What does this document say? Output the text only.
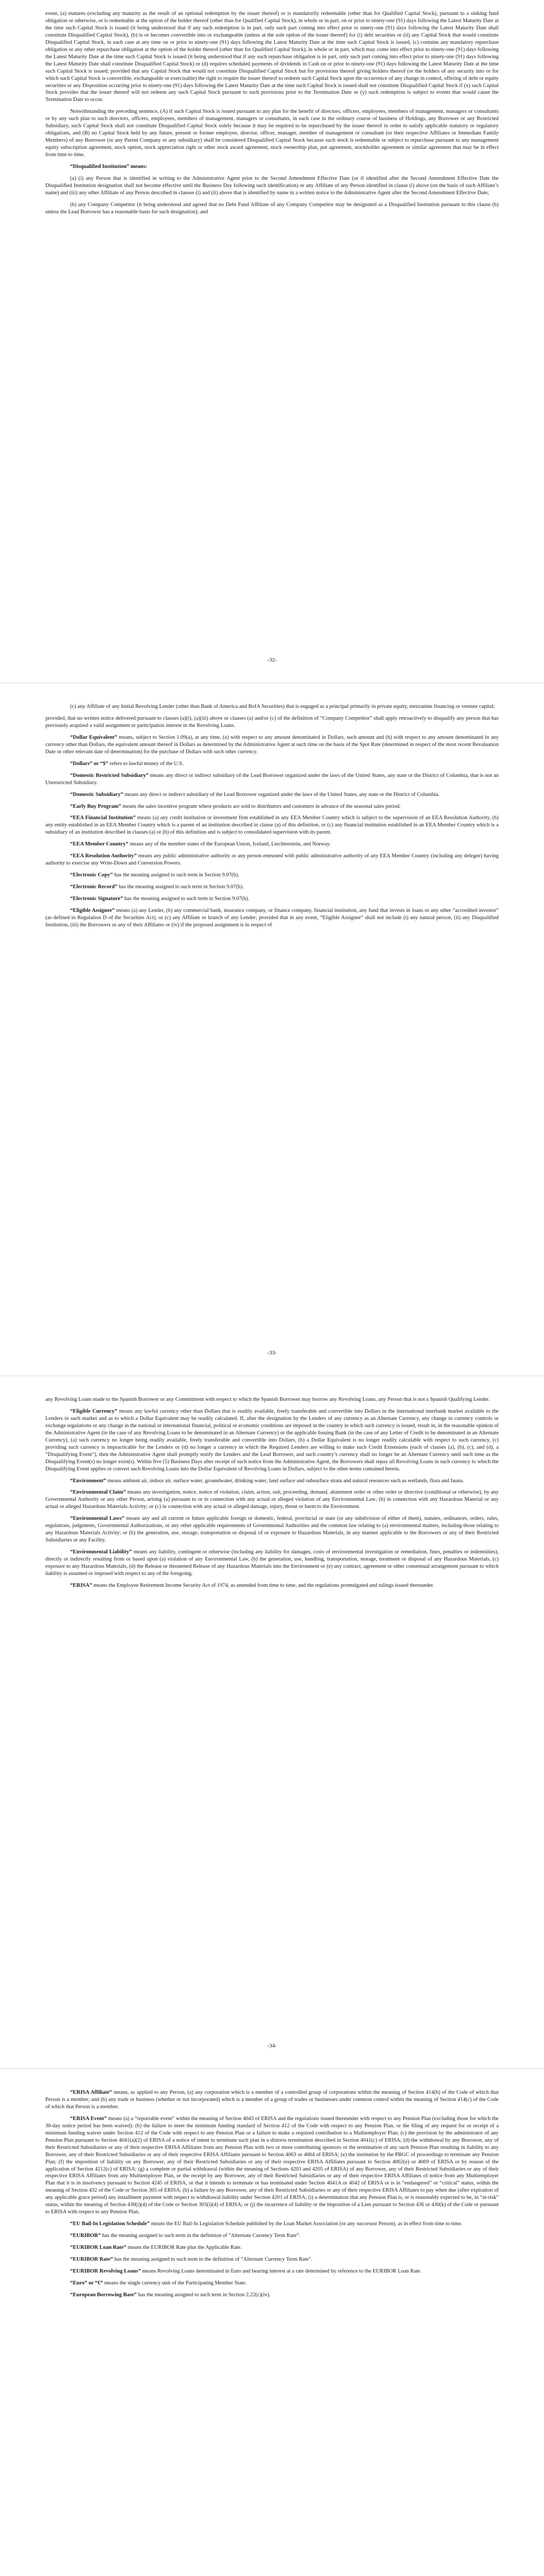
event, (a) matures (excluding any maturity as the result of an optional redemption by the issuer thereof) or is mandatorily redeemable (other than for Qualified Capital Stock), pursuant to a sinking fund obligation or otherwise, or is redeemable at the option of the holder thereof (other than for Qualified Capital Stock), in whole or in part, on or prior to ninety-one (91) days following the Latest Maturity Date at the time such Capital Stock is issued (it being understood that if any such redemption is in part, only such part coming into effect prior to ninety-one (91) days following the Latest Maturity Date shall constitute Disqualified Capital Stock), (b) is or becomes convertible into or exchangeable (unless at the sole option of the issuer thereof) for (i) debt securities or (ii) any Capital Stock that would constitute Disqualified Capital Stock, in each case at any time on or prior to ninety-one (91) days following the Latest Maturity Date at the time such Capital Stock is issued, (c) contains any mandatory repurchase obligation or any other repurchase obligation at the option of the holder thereof (other than for Qualified Capital Stock), in whole or in part, which may come into effect prior to ninety-one (91) days following the Latest Maturity Date at the time such Capital Stock is issued (it being understood that if any such repurchase obligation is in part, only such part coming into effect prior to ninety-one (91) days following the Latest Maturity Date shall constitute Disqualified Capital Stock) or (d) requires scheduled payments of dividends in Cash on or prior to ninety-one (91) days following the Latest Maturity Date at the time such Capital Stock is issued; provided that any Capital Stock that would not constitute Disqualified Capital Stock but for provisions thereof giving holders thereof (or the holders of any security into or for which such Capital Stock is convertible, exchangeable or exercisable) the right to require the issuer thereof to redeem such Capital Stock upon the occurrence of any change in control, offering of debt or equity securities or any Disposition occurring prior to ninety-one (91) days following the Latest Maturity Date at the time such Capital Stock is issued shall not constitute Disqualified Capital Stock if (x) such Capital Stock provides that the issuer thereof will not redeem any such Capital Stock pursuant to such provisions prior to the Termination Date or (y) such redemption is subject to events that would cause the Termination Date to occur.

Notwithstanding the preceding sentence, (A) if such Capital Stock is issued pursuant to any plan for the benefit of directors, officers, employees, members of management, managers or consultants or by any such plan to such directors, officers, employees, members of management, managers or consultants, in each case in the ordinary course of business of Holdings, any Borrower or any Restricted Subsidiary, such Capital Stock shall not constitute Disqualified Capital Stock solely because it may be required to be repurchased by the issuer thereof in order to satisfy applicable statutory or regulatory obligations, and (B) no Capital Stock held by any future, present or former employee, director, officer, manager, member of management or consultant (or their respective Affiliates or Immediate Family Members) of any Borrower (or any Parent Company or any subsidiary) shall be considered Disqualified Capital Stock because such stock is redeemable or subject to repurchase pursuant to any management equity subscription agreement, stock option, stock appreciation right or other stock award agreement, stock ownership plan, put agreement, stockholder agreement or similar agreement that may be in effect from time to time.

“Disqualified Institution” means:

(a) (i) any Person that is identified in writing to the Administrative Agent prior to the Second Amendment Effective Date (or if identified after the Second Amendment Effective Date the Disqualified Institution designation shall not become effective until the Business Day following such identification) or any Affiliate of any Person identified in clause (i) above (on the basis of such Affiliate’s name) and (iii) any other Affiliate of any Person described in clauses (i) and (ii) above that is identified by name in a written notice to the Administrative Agent after the Second Amendment Effective Date;

(b) any Company Competitor (it being understood and agreed that no Debt Fund Affiliate of any Company Competitor may be designated as a Disqualified Institution pursuant to this clause (b) unless the Lead Borrower has a reasonable basis for such designation); and

-32-

(c) any Affiliate of any Initial Revolving Lender (other than Bank of America and BofA Securities) that is engaged as a principal primarily in private equity, mezzanine financing or venture capital;

provided, that no written notice delivered pursuant to clauses (a)(i), (a)(iii) above or clauses (a) and/or (c) of the definition of “Company Competitor” shall apply retroactively to disqualify any person that has previously acquired a valid assignment or participation interest in the Revolving Loans.

“Dollar Equivalent” means, subject to Section 1.09(a), at any time, (a) with respect to any amount denominated in Dollars, such amount and (b) with respect to any amount denominated in any currency other than Dollars, the equivalent amount thereof in Dollars as determined by the Administrative Agent at such time on the basis of the Spot Rate (determined in respect of the most recent Revaluation Date or other relevant date of determination) for the purchase of Dollars with such other currency.

“Dollars” or “$” refers to lawful money of the U.S.

“Domestic Restricted Subsidiary” means any direct or indirect subsidiary of the Lead Borrower organized under the laws of the United States, any state or the District of Columbia, that is not an Unrestricted Subsidiary.

“Domestic Subsidiary” means any direct or indirect subsidiary of the Lead Borrower organized under the laws of the United States, any state or the District of Columbia.

“Early Buy Program” means the sales incentive program where products are sold to distributors and customers in advance of the seasonal sales period.

“EEA Financial Institution” means (a) any credit institution or investment firm established in any EEA Member Country which is subject to the supervision of an EEA Resolution Authority, (b) any entity established in an EEA Member Country which is a parent of an institution described in clause (a) of this definition, or (c) any financial institution established in an EEA Member Country which is a subsidiary of an institution described in clauses (a) or (b) of this definition and is subject to consolidated supervision with its parent.

“EEA Member Country” means any of the member states of the European Union, Iceland, Liechtenstein, and Norway.

“EEA Resolution Authority” means any public administrative authority or any person entrusted with public administrative authority of any EEA Member Country (including any delegee) having authority to exercise any Write-Down and Conversion Powers.

“Electronic Copy” has the meaning assigned to such term in Section 9.07(b).

“Electronic Record” has the meaning assigned to such term in Section 9.07(b).

“Electronic Signature” has the meaning assigned to such term in Section 9.07(b).

“Eligible Assignee” means (a) any Lender, (b) any commercial bank, insurance company, or finance company, financial institution, any fund that invests in loans or any other “accredited investor” (as defined in Regulation D of the Securities Act), or (c) any Affiliate or branch of any Lender; provided that in any event, “Eligible Assignee” shall not include (i) any natural person, (ii) any Disqualified Institution, (iii) the Borrowers or any of their Affiliates or (iv) if the proposed assignment is in respect of

-33-

any Revolving Loans made to the Spanish Borrower or any Commitment with respect to which the Spanish Borrower may borrow any Revolving Loans, any Person that is not a Spanish Qualifying Lender.

“Eligible Currency” means any lawful currency other than Dollars that is readily available, freely transferable and convertible into Dollars in the international interbank market available to the Lenders in such market and as to which a Dollar Equivalent may be readily calculated. If, after the designation by the Lenders of any currency as an Alternate Currency, any change in currency controls or exchange regulations or any change in the national or international financial, political or economic conditions are imposed in the country in which such currency is issued, result in, in the reasonable opinion of the Administrative Agent (in the case of any Revolving Loans to be denominated in an Alternate Currency) or the applicable Issuing Bank (in the case of any Letter of Credit to be denominated in an Alternate Currency), (a) such currency no longer being readily available, freely transferable and convertible into Dollars, (b) a Dollar Equivalent is no longer readily calculable with respect to such currency, (c) providing such currency is impracticable for the Lenders or (d) no longer a currency in which the Required Lenders are willing to make such Credit Extensions (each of clauses (a), (b), (c), and (d), a “Disqualifying Event”), then the Administrative Agent shall promptly notify the Lenders and the Lead Borrower, and such country’s currency shall no longer be an Alternate Currency until such time as the Disqualifying Event(s) no longer exist(s). Within five (5) Business Days after receipt of such notice from the Administrative Agent, the Borrowers shall repay all Revolving Loans in such currency to which the Disqualifying Event applies or convert such Revolving Loans into the Dollar Equivalent of Revolving Loans in Dollars, subject to the other terms contained herein.

“Environment” means ambient air, indoor air, surface water, groundwater, drinking water, land surface and subsurface strata and natural resources such as wetlands, flora and fauna.

“Environmental Claim” means any investigation, notice, notice of violation, claim, action, suit, proceeding, demand, abatement order or other order or directive (conditional or otherwise), by any Governmental Authority or any other Person, arising (a) pursuant to or in connection with any actual or alleged violation of any Environmental Law; (b) in connection with any Hazardous Material or any actual or alleged Hazardous Materials Activity; or (c) in connection with any actual or alleged damage, injury, threat or harm to the Environment.

“Environmental Laws” means any and all current or future applicable foreign or domestic, federal, provincial or state (or any subdivision of either of them), statutes, ordinances, orders, rules, regulations, judgments, Governmental Authorizations, or any other applicable requirements of Governmental Authorities and the common law relating to (a) environmental matters, including those relating to any Hazardous Materials Activity; or (b) the generation, use, storage, transportation or disposal of or exposure to Hazardous Materials, in any manner applicable to the Borrowers or any of their Restricted Subsidiaries or any Facility.

“Environmental Liability” means any liability, contingent or otherwise (including any liability for damages, costs of environmental investigation or remediation, fines, penalties or indemnities), directly or indirectly resulting from or based upon (a) violation of any Environmental Law, (b) the generation, use, handling, transportation, storage, treatment or disposal of any Hazardous Materials, (c) exposure to any Hazardous Materials, (d) the Release or threatened Release of any Hazardous Materials into the Environment or (e) any contract, agreement or other consensual arrangement pursuant to which liability is assumed or imposed with respect to any of the foregoing.

“ERISA” means the Employee Retirement Income Security Act of 1974, as amended from time to time, and the regulations promulgated and rulings issued thereunder.

-34-

“ERISA Affiliate” means, as applied to any Person, (a) any corporation which is a member of a controlled group of corporations within the meaning of Section 414(b) of the Code of which that Person is a member; and (b) any trade or business (whether or not incorporated) which is a member of a group of trades or businesses under common control within the meaning of Section 414(c) of the Code of which that Person is a member.

“ERISA Event” means (a) a “reportable event” within the meaning of Section 4043 of ERISA and the regulations issued thereunder with respect to any Pension Plan (excluding those for which the 30-day notice period has been waived); (b) the failure to meet the minimum funding standard of Section 412 of the Code with respect to any Pension Plan, or the filing of any request for or receipt of a minimum funding waiver under Section 412 of the Code with respect to any Pension Plan or a failure to make a required contribution to a Multiemployer Plan; (c) the provision by the administrator of any Pension Plan pursuant to Section 4041(a)(2) of ERISA of a notice of intent to terminate such plan in a distress termination described in Section 4041(c) of ERISA; (d) the withdrawal by any Borrower, any of their Restricted Subsidiaries or any of their respective ERISA Affiliates from any Pension Plan with two or more contributing sponsors or the termination of any such Pension Plan resulting in liability to any Borrower, any of their Restricted Subsidiaries or any of their respective ERISA Affiliates pursuant to Section 4063 or 4064 of ERISA; (e) the institution by the PBGC of proceedings to terminate any Pension Plan; (f) the imposition of liability on any Borrower, any of their Restricted Subsidiaries or any of their respective ERISA Affiliates pursuant to Section 4062(e) or 4069 of ERISA or by reason of the application of Section 4212(c) of ERISA; (g) a complete or partial withdrawal (within the meaning of Sections 4203 and 4205 of ERISA) of any Borrower, any of their Restricted Subsidiaries or any of their respective ERISA Affiliates from any Multiemployer Plan, or the receipt by any Borrower, any of their Restricted Subsidiaries or any of their respective ERISA Affiliates of notice from any Multiemployer Plan that it is in insolvency pursuant to Section 4245 of ERISA, or that it intends to terminate or has terminated under Section 4041A or 4042 of ERISA or is in “endangered” or “critical” status, within the meaning of Section 432 of the Code or Section 305 of ERISA; (h) a failure by any Borrower, any of their Restricted Subsidiaries or any of their respective ERISA Affiliates to pay when due (after expiration of any applicable grace period) any installment payment with respect to withdrawal liability under Section 4201 of ERISA; (i) a determination that any Pension Plan is, or is reasonably expected to be, in “at-risk” status, within the meaning of Section 430(i)(4) of the Code or Section 303(i)(4) of ERISA; or (j) the incurrence of liability or the imposition of a Lien pursuant to Section 436 or 430(k) of the Code or pursuant to ERISA with respect to any Pension Plan.

“EU Bail-In Legislation Schedule” means the EU Bail-In Legislation Schedule published by the Loan Market Association (or any successor Person), as in effect from time to time.

“EURIBOR” has the meaning assigned to such term in the definition of “Alternate Currency Term Rate”.

“EURIBOR Loan Rate” means the EURIBOR Rate plus the Applicable Rate.

“EURIBOR Rate” has the meaning assigned to such term in the definition of “Alternate Currency Term Rate”.

“EURIBOR Revolving Loans” means Revolving Loans denominated in Euro and bearing interest at a rate determined by reference to the EURIBOR Loan Rate.

“Euro” or “€” means the single currency unit of the Participating Member State.

“European Borrowing Base” has the meaning assigned to such term in Section 2.22(c)(iv).
